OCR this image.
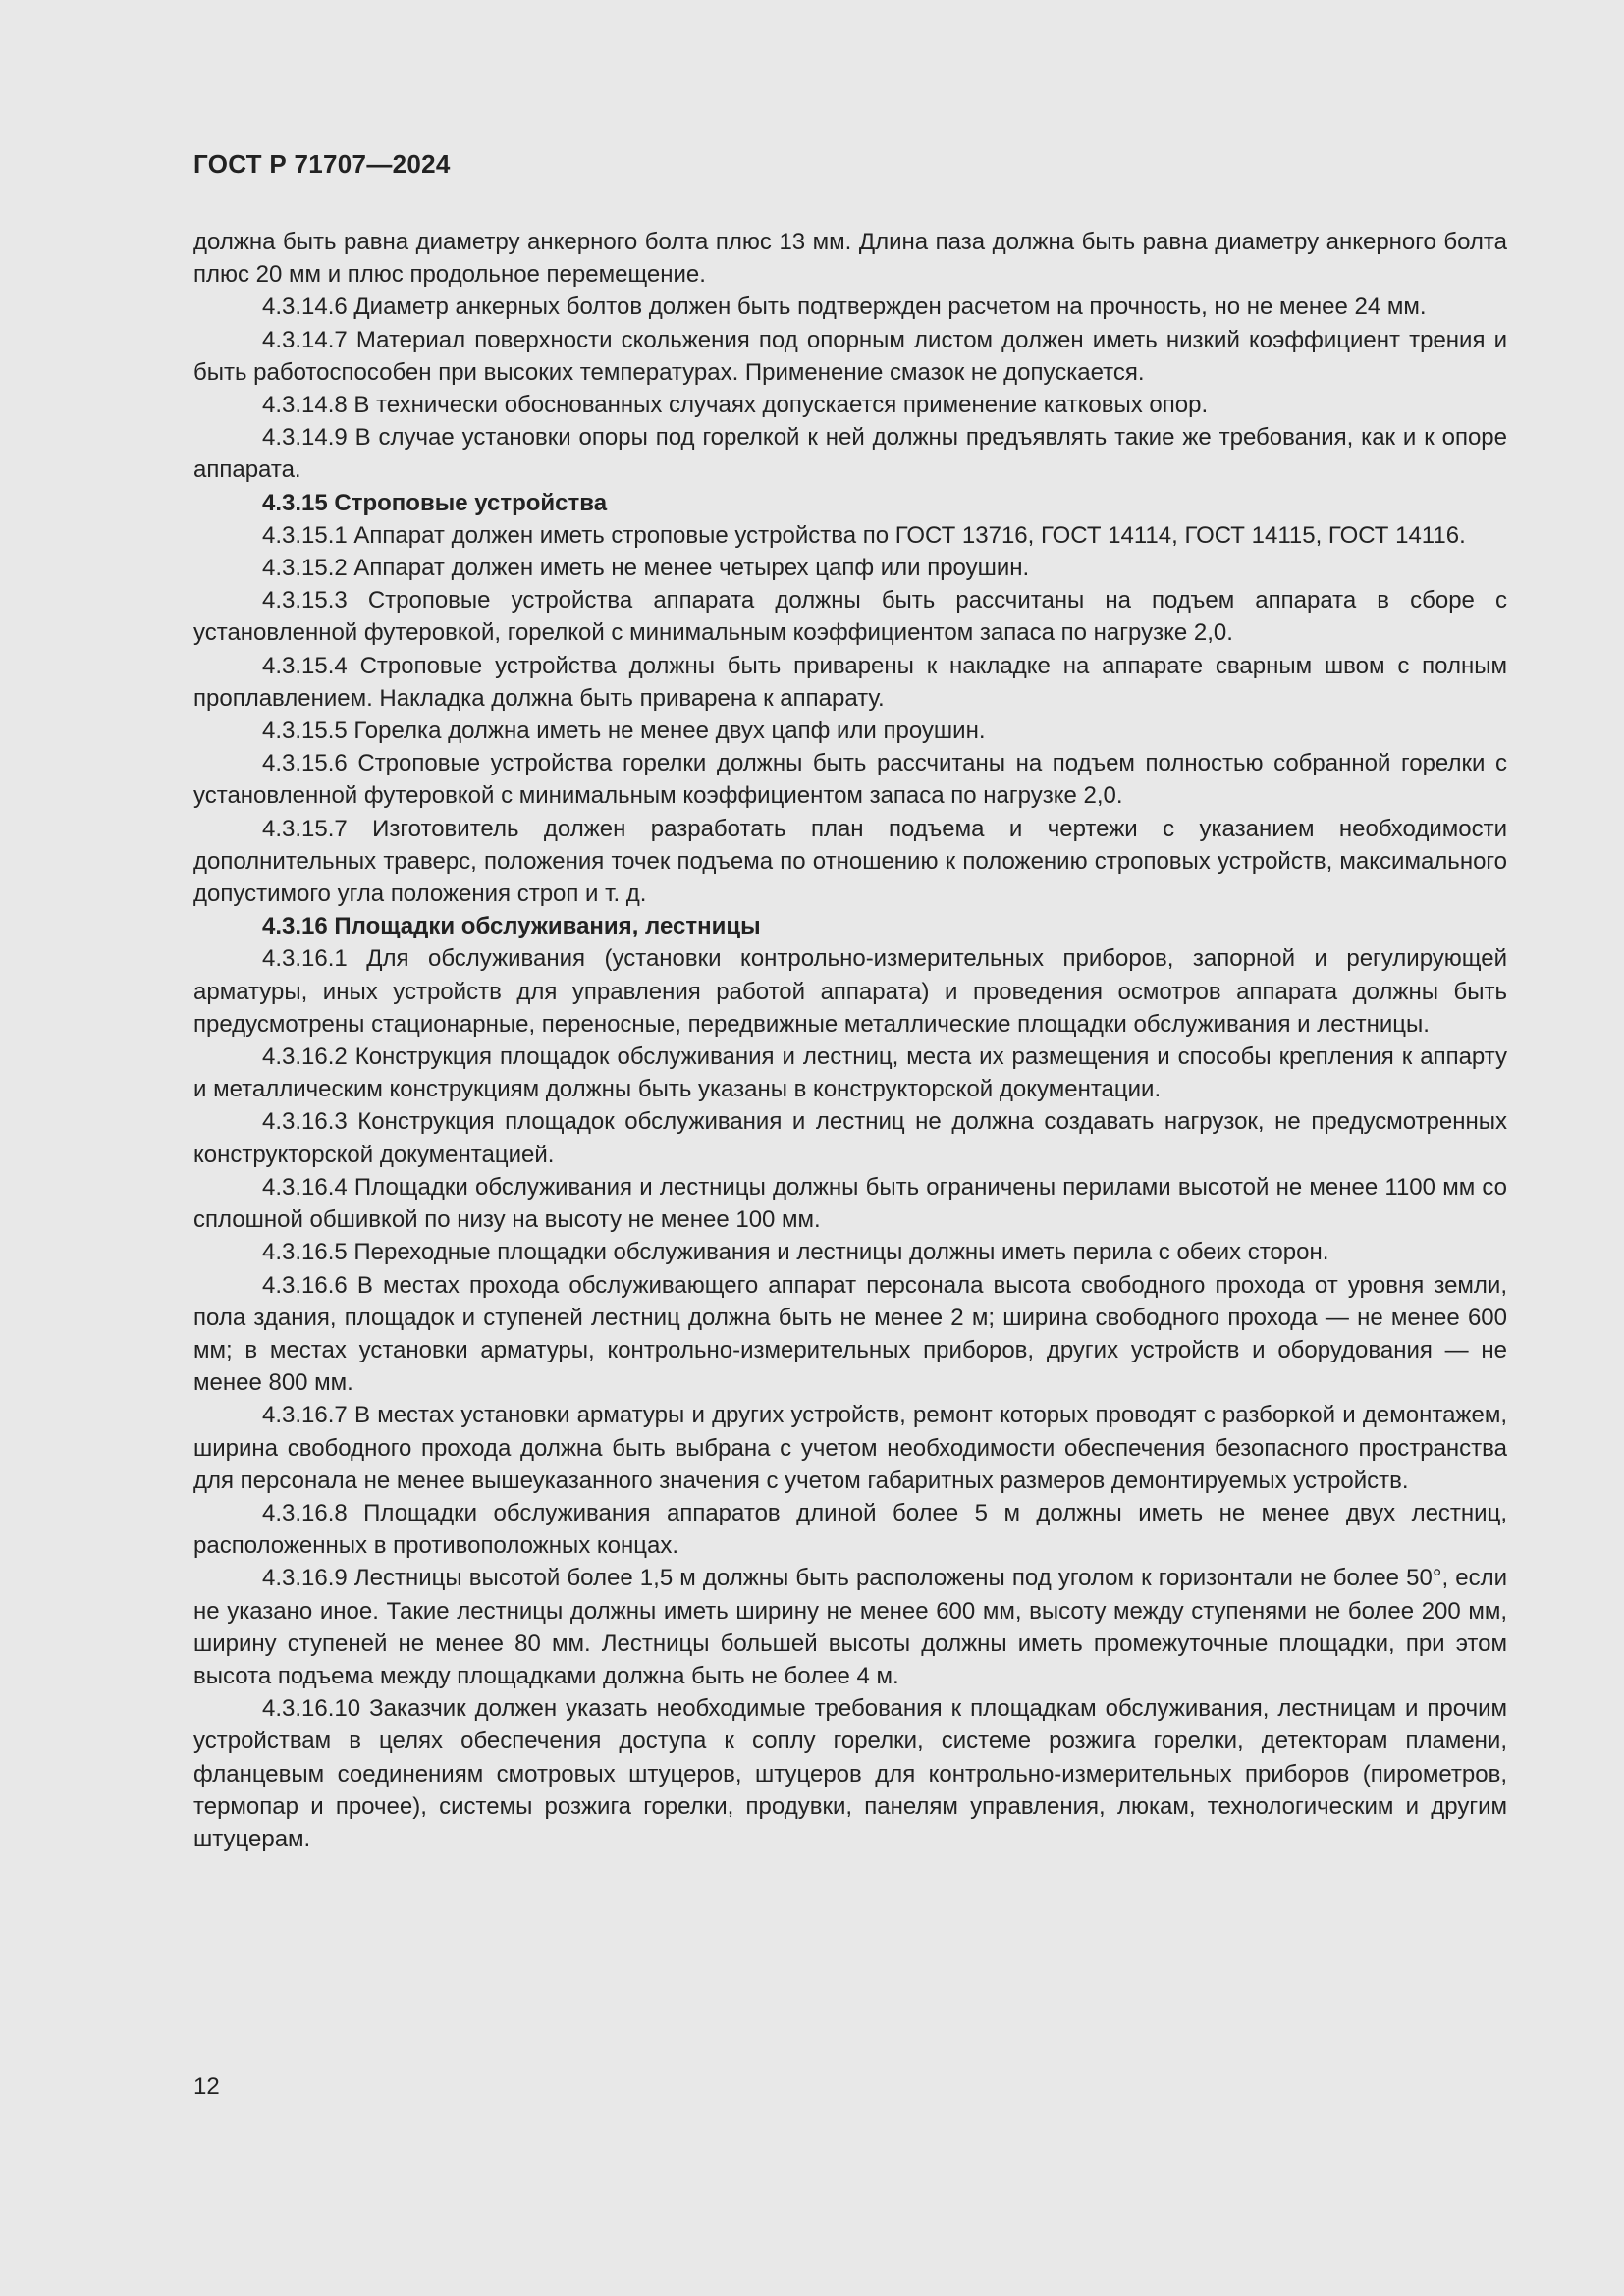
ГОСТ Р 71707—2024

должна быть равна диаметру анкерного болта плюс 13 мм. Длина паза должна быть равна диаметру анкерного болта плюс 20 мм и плюс продольное перемещение.

4.3.14.6 Диаметр анкерных болтов должен быть подтвержден расчетом на прочность, но не менее 24 мм.

4.3.14.7 Материал поверхности скольжения под опорным листом должен иметь низкий коэффициент трения и быть работоспособен при высоких температурах. Применение смазок не допускается.

4.3.14.8 В технически обоснованных случаях допускается применение катковых опор.

4.3.14.9 В случае установки опоры под горелкой к ней должны предъявлять такие же требования, как и к опоре аппарата.

4.3.15 Строповые устройства

4.3.15.1 Аппарат должен иметь строповые устройства по ГОСТ 13716, ГОСТ 14114, ГОСТ 14115, ГОСТ 14116.

4.3.15.2 Аппарат должен иметь не менее четырех цапф или проушин.

4.3.15.3 Строповые устройства аппарата должны быть рассчитаны на подъем аппарата в сборе с установленной футеровкой, горелкой с минимальным коэффициентом запаса по нагрузке 2,0.

4.3.15.4 Строповые устройства должны быть приварены к накладке на аппарате сварным швом с полным проплавлением. Накладка должна быть приварена к аппарату.

4.3.15.5 Горелка должна иметь не менее двух цапф или проушин.

4.3.15.6 Строповые устройства горелки должны быть рассчитаны на подъем полностью собранной горелки с установленной футеровкой с минимальным коэффициентом запаса по нагрузке 2,0.

4.3.15.7 Изготовитель должен разработать план подъема и чертежи с указанием необходимости дополнительных траверс, положения точек подъема по отношению к положению строповых устройств, максимального допустимого угла положения строп и т. д.

4.3.16 Площадки обслуживания, лестницы

4.3.16.1 Для обслуживания (установки контрольно-измерительных приборов, запорной и регулирующей арматуры, иных устройств для управления работой аппарата) и проведения осмотров аппарата должны быть предусмотрены стационарные, переносные, передвижные металлические площадки обслуживания и лестницы.

4.3.16.2 Конструкция площадок обслуживания и лестниц, места их размещения и способы крепления к аппарту и металлическим конструкциям должны быть указаны в конструкторской документации.

4.3.16.3 Конструкция площадок обслуживания и лестниц не должна создавать нагрузок, не предусмотренных конструкторской документацией.

4.3.16.4 Площадки обслуживания и лестницы должны быть ограничены перилами высотой не менее 1100 мм со сплошной обшивкой по низу на высоту не менее 100 мм.

4.3.16.5 Переходные площадки обслуживания и лестницы должны иметь перила с обеих сторон.

4.3.16.6 В местах прохода обслуживающего аппарат персонала высота свободного прохода от уровня земли, пола здания, площадок и ступеней лестниц должна быть не менее 2 м; ширина свободного прохода — не менее 600 мм; в местах установки арматуры, контрольно-измерительных приборов, других устройств и оборудования — не менее 800 мм.

4.3.16.7 В местах установки арматуры и других устройств, ремонт которых проводят с разборкой и демонтажем, ширина свободного прохода должна быть выбрана с учетом необходимости обеспечения безопасного пространства для персонала не менее вышеуказанного значения с учетом габаритных размеров демонтируемых устройств.

4.3.16.8 Площадки обслуживания аппаратов длиной более 5 м должны иметь не менее двух лестниц, расположенных в противоположных концах.

4.3.16.9 Лестницы высотой более 1,5 м должны быть расположены под уголом к горизонтали не более 50°, если не указано иное. Такие лестницы должны иметь ширину не менее 600 мм, высоту между ступенями не более 200 мм, ширину ступеней не менее 80 мм. Лестницы большей высоты должны иметь промежуточные площадки, при этом высота подъема между площадками должна быть не более 4 м.

4.3.16.10 Заказчик должен указать необходимые требования к площадкам обслуживания, лестницам и прочим устройствам в целях обеспечения доступа к соплу горелки, системе розжига горелки, детекторам пламени, фланцевым соединениям смотровых штуцеров, штуцеров для контрольно-измерительных приборов (пирометров, термопар и прочее), системы розжига горелки, продувки, панелям управления, люкам, технологическим и другим штуцерам.

12
